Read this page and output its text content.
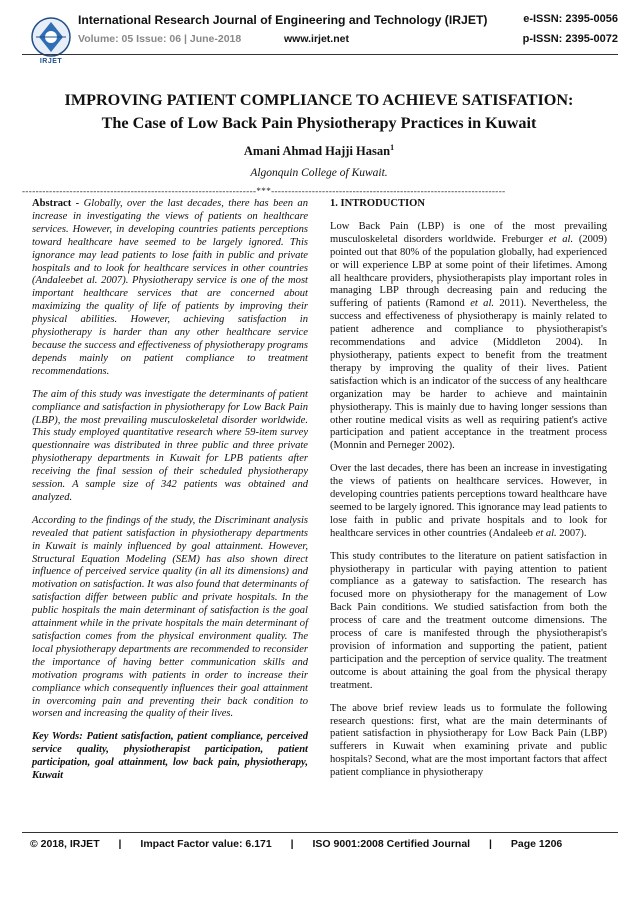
IRJET
International Research Journal of Engineering and Technology (IRJET)	e-ISSN: 2395-0056
Volume: 05 Issue: 06 | June-2018	www.irjet.net	p-ISSN: 2395-0072
IMPROVING PATIENT COMPLIANCE TO ACHIEVE SATISFATION:
The Case of Low Back Pain Physiotherapy Practices in Kuwait
Amani Ahmad Hajji Hasan$^1$
Algonquin College of Kuwait.
---------------------------------------------------------------------***---------------------------------------------------------------------

Abstract - Globally, over the last decades, there has been an increase in investigating the views of patients on healthcare services. However, in developing countries patients perceptions toward healthcare have seemed to be largely ignored. This ignorance may lead patients to lose faith in public and private hospitals and to look for healthcare services in other countries (Andaleebet al. 2007). Physiotherapy service is one of the most important healthcare services that are concerned about maximizing the quality of life of patients by improving their physical abilities. However, achieving satisfaction in physiotherapy is harder than any other healthcare service because the success and effectiveness of physiotherapy programs depends mainly on patient compliance to treatment recommendations.

The aim of this study was investigate the determinants of patient compliance and satisfaction in physiotherapy for Low Back Pain (LBP), the most prevailing musculoskeletal disorder worldwide. This study employed quantitative research where 59-item survey questionnaire was distributed in three public and three private physiotherapy departments in Kuwait for LPB patients after receiving the final session of their scheduled physiotherapy session. A sample size of 342 patients was obtained and analyzed.

According to the findings of the study, the Discriminant analysis revealed that patient satisfaction in physiotherapy departments in Kuwait is mainly influenced by goal attainment. However, Structural Equation Modeling (SEM) has also shown direct influence of perceived service quality (in all its dimensions) and motivation on satisfaction. It was also found that determinants of satisfaction differ between public and private hospitals. In the public hospitals the main determinant of satisfaction is the goal attainment while in the private hospitals the main determinant of satisfaction comes from the physical environment quality. The local physiotherapy departments are recommended to reconsider the importance of having better communication skills and motivation programs with patients in order to increase their compliance which consequently influences their goal attainment in overcoming pain and preventing their back condition to worsen and increasing the quality of their lives.

Key Words: Patient satisfaction, patient compliance, perceived service quality, physiotherapist participation, patient participation, goal attainment, low back pain, physiotherapy, Kuwait

1. INTRODUCTION

Low Back Pain (LBP) is one of the most prevailing musculoskeletal disorders worldwide. Freburger et al. (2009) pointed out that 80% of the population globally, had experienced or will experience LBP at some point of their lifetimes. Among all healthcare providers, physiotherapists play important roles in managing LBP through decreasing pain and reducing the suffering of patients (Ramond et al. 2011). Nevertheless, the success and effectiveness of physiotherapy is mainly related to patient adherence and compliance to physiotherapist's recommendations and advice (Middleton 2004). In physiotherapy, patients expect to benefit from the treatment therapy by improving the quality of their lives. Patient satisfaction which is an indicator of the success of any healthcare organization may be harder to achieve and maintainin physiotherapy. This is mainly due to having longer sessions than other routine medical visits as well as requiring patient's active participation and patient acceptance in the treatment process (Monnin and Perneger 2002).

Over the last decades, there has been an increase in investigating the views of patients on healthcare services. However, in developing countries patients perceptions toward healthcare have seemed to be largely ignored. This ignorance may lead patients to lose faith in public and private hospitals and to look for healthcare services in other countries (Andaleeb et al. 2007).

This study contributes to the literature on patient satisfaction in physiotherapy in particular with paying attention to patient compliance as a gateway to satisfaction. The research has focused more on physiotherapy for the management of Low Back Pain conditions. We studied satisfaction from both the process of care and the treatment outcome dimensions. The process of care is manifested through the physiotherapist's provision of information and supporting the patient, patient participation and the perception of service quality. The treatment outcome is about attaining the goal from the physical therapy treatment.

The above brief review leads us to formulate the following research questions: first, what are the main determinants of patient satisfaction in physiotherapy for Low Back Pain (LBP) sufferers in Kuwait when examining private and public hospitals? Second, what are the most important factors that affect patient compliance in physiotherapy

© 2018, IRJET | Impact Factor value: 6.171 | ISO 9001:2008 Certified Journal | Page 1206
